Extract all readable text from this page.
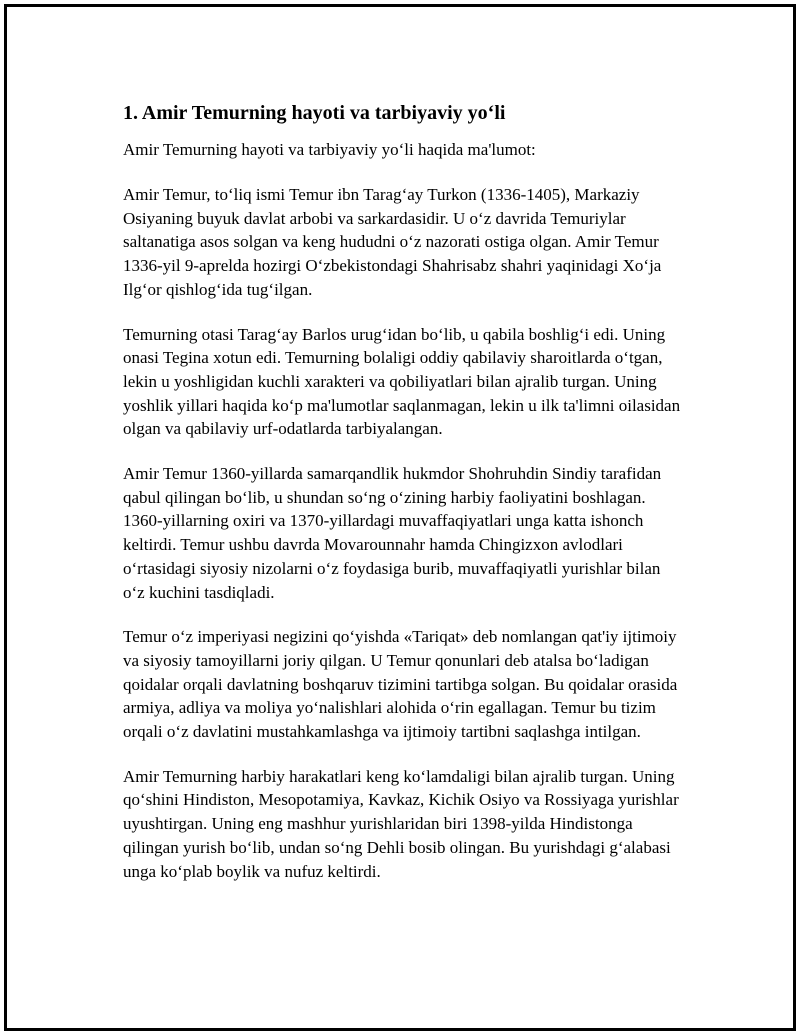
1. Amir Temurning hayoti va tarbiyaviy yo‘li

Amir Temurning hayoti va tarbiyaviy yo‘li haqida ma'lumot:

Amir Temur, to‘liq ismi Temur ibn Tarag‘ay Turkon (1336-1405), Markaziy Osiyaning buyuk davlat arbobi va sarkardasidir. U o‘z davrida Temuriylar saltanatiga asos solgan va keng hududni o‘z nazorati ostiga olgan. Amir Temur 1336-yil 9-aprelda hozirgi O‘zbekistondagi Shahrisabz shahri yaqinidagi Xo‘ja Ilg‘or qishlog‘ida tug‘ilgan.

Temurning otasi Tarag‘ay Barlos urug‘idan bo‘lib, u qabila boshlig‘i edi. Uning onasi Tegina xotun edi. Temurning bolaligi oddiy qabilaviy sharoitlarda o‘tgan, lekin u yoshligidan kuchli xarakteri va qobiliyatlari bilan ajralib turgan. Uning yoshlik yillari haqida ko‘p ma'lumotlar saqlanmagan, lekin u ilk ta'limni oilasidan olgan va qabilaviy urf-odatlarda tarbiyalangan.

Amir Temur 1360-yillarda samarqandlik hukmdor Shohruhdin Sindiy tarafidan qabul qilingan bo‘lib, u shundan so‘ng o‘zining harbiy faoliyatini boshlagan. 1360-yillarning oxiri va 1370-yillardagi muvaffaqiyatlari unga katta ishonch keltirdi. Temur ushbu davrda Movarounnahr hamda Chingizxon avlodlari o‘rtasidagi siyosiy nizolarni o‘z foydasiga burib, muvaffaqiyatli yurishlar bilan o‘z kuchini tasdiqladi.

Temur o‘z imperiyasi negizini qo‘yishda «Tariqat» deb nomlangan qat'iy ijtimoiy va siyosiy tamoyillarni joriy qilgan. U Temur qonunlari deb atalsa bo‘ladigan qoidalar orqali davlatning boshqaruv tizimini tartibga solgan. Bu qoidalar orasida armiya, adliya va moliya yo‘nalishlari alohida o‘rin egallagan. Temur bu tizim orqali o‘z davlatini mustahkamlashga va ijtimoiy tartibni saqlashga intilgan.

Amir Temurning harbiy harakatlari keng ko‘lamdaligi bilan ajralib turgan. Uning qo‘shini Hindiston, Mesopotamiya, Kavkaz, Kichik Osiyo va Rossiyaga yurishlar uyushtirgan. Uning eng mashhur yurishlaridan biri 1398-yilda Hindistonga qilingan yurish bo‘lib, undan so‘ng Dehli bosib olingan. Bu yurishdagi g‘alabasi unga ko‘plab boylik va nufuz keltirdi.
